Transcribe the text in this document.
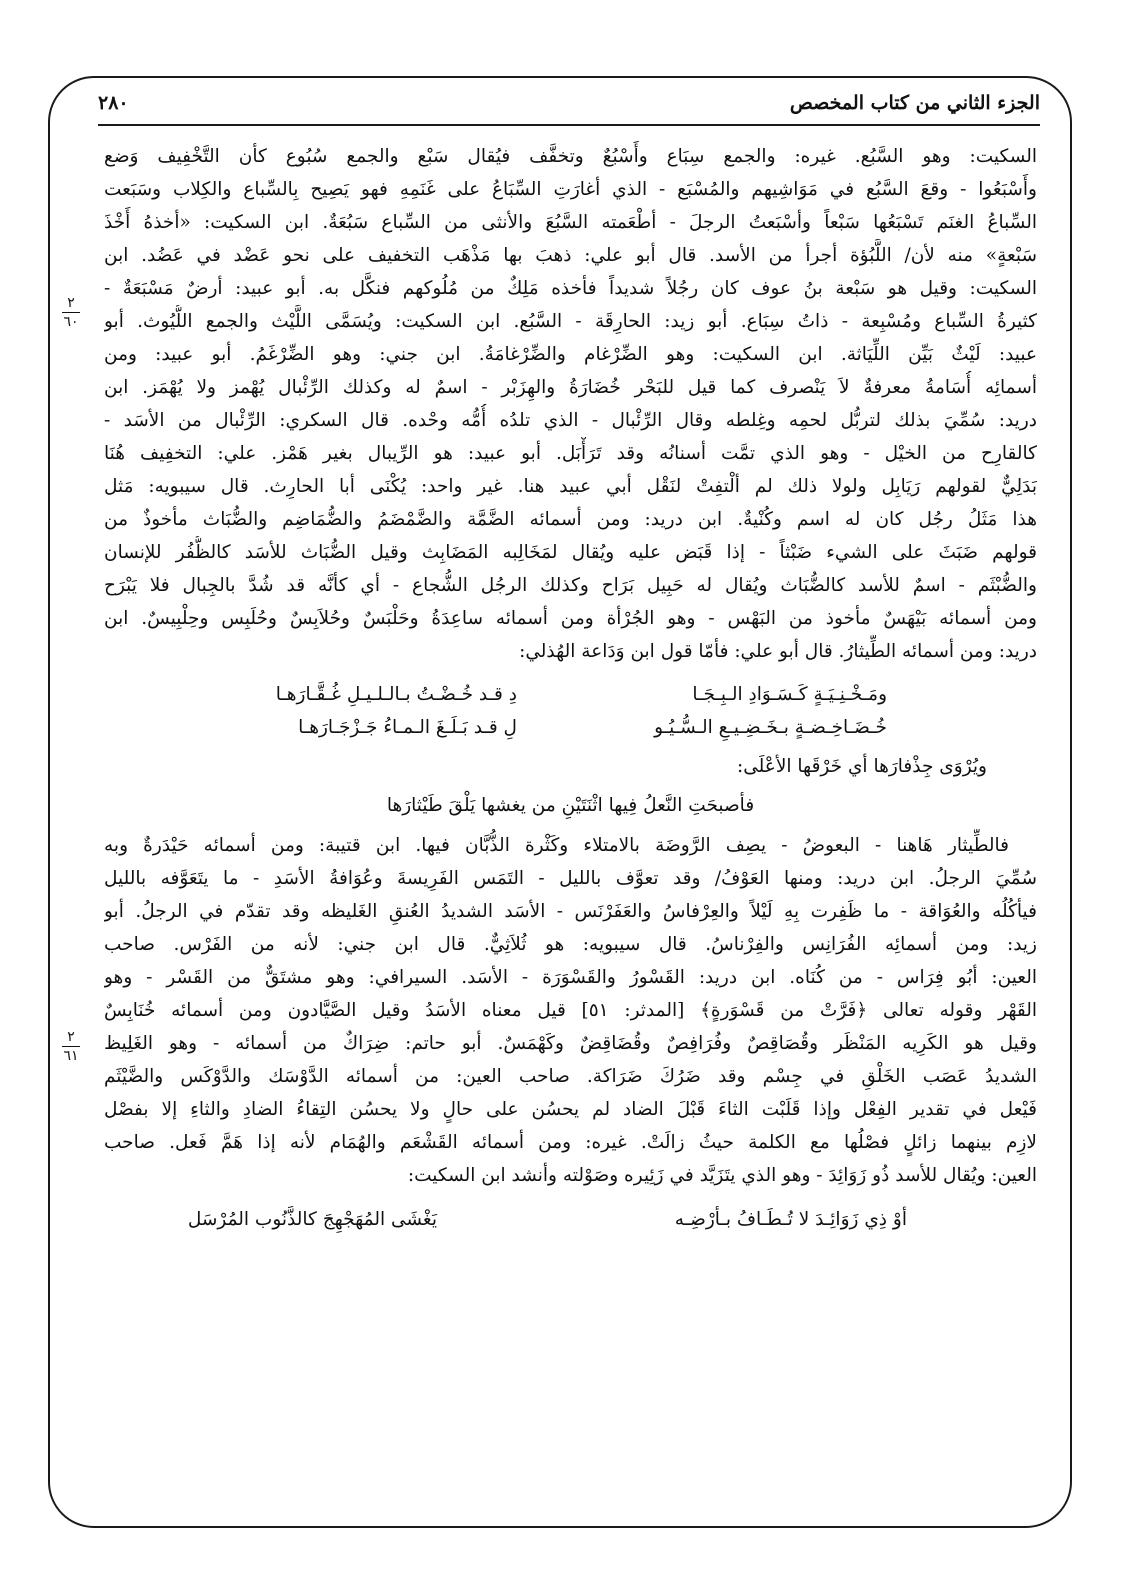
الجزء الثاني من كتاب المخصص
٢٨٠
٢
٦٠
٢
٦١
السكيت: وهو السَّبُع. غيره: والجمع سِبَاع وأَسْبُعٌ وتخفَّف فيُقال سَبْع والجمع سُبُوع كأن التَّخْفِيف وَضع
وأَسْبَعُوا - وقعَ السَّبُع في مَوَاشِيهم والمُسْبَع - الذي أغارَتِ السِّبَاعُ على غَنَمِهِ فهو يَصِيح بِالسِّباع والكِلاب وسَبَعت
السِّباعُ الغنَم تَسْبَعُها سَبْعاً وأسْبَعتُ الرجلَ - أطْعَمته السَّبُعَ والأنثى من السِّباع سَبُعَةٌ. ابن السكيت: «أخذهُ أَخْذَ
سَبْعةٍ» منه لأن/ اللَّبُؤة أجرأ من الأسد. قال أبو علي: ذهبَ بها مَذْهَب التخفيف على نحو عَضْد في عَضُد. ابن
السكيت: وقيل هو سَبْعة بنُ عوف كان رجُلاً شديداً فأخذه مَلِكٌ من مُلُوكهم فنكَّل به. أبو عبيد: أرضٌ مَسْبَعَةٌ -
كثيرةُ السِّباع ومُسْبِعة - ذاتُ سِبَاع. أبو زيد: الحارِقَة - السَّبُع. ابن السكيت: ويُسَمَّى اللَّيْث والجمع اللُّيُوث. أبو
عبيد: لَيْثٌ بَيِّن اللِّيَاثة. ابن السكيت: وهو الضِّرْغام والضِّرْغامَةُ. ابن جني: وهو الضِّرْغَمُ. أبو عبيد: ومن
أسمائِه أُسَامةُ معرفةٌ لاَ يَنْصرف كما قيل للبَحْر خُضَارَةُ والهِزَبْر - اسمٌ له وكذلك الرِّئْبال يُهْمز ولا يُهْمَز. ابن
دريد: سُمِّيَ بذلك لتربُّل لحمِه وغِلطه وقال الرِّئْبال - الذي تلدُه أُمُّه وحْده. قال السكري: الرِّئْبال من الأسَد -
كالقارِح من الخيْل - وهو الذي تمَّت أسنانُه وقد تَرَأْبَل. أبو عبيد: هو الرِّيبال بغير هَمْز. علي: التخفِيف هُنَا
بَدَلِيٌّ لقولهم رَيَابِل ولولا ذلك لم ألْتفِتْ لنَقْل أبي عبيد هنا. غير واحد: يُكْنَى أبا الحارِث. قال سيبويه: مَثل
هذا مَثَلُ رجُل كان له اسم وكُنْيةٌ. ابن دريد: ومن أسمائه الضَّمَّة والضَّمْضَمُ والضُّمَاضِم والضُّبَاث مأخوذٌ من
قولهم ضَبَثَ على الشيء ضَبْثاً - إذا قَبَض عليه ويُقال لمَخَالِبه المَضَابِث وقيل الضُّبَاث للأسَد كالظُّفُر للإنسان
والضُّبْثَم - اسمٌ للأسد كالضُّبَاث ويُقال له حَبِيل بَرَاح وكذلك الرجُل الشُّجاع - أي كأنَّه قد شُدَّ بالجِبال فلا يَبْرَح
ومن أسمائه بَيْهَسٌ مأخوذ من البَهْس - وهو الجُرْأة ومن أسمائه ساعِدَةُ وحَلْبَسٌ وحُلاَبِسٌ وحُلَبِس وحِلْبِيسٌ. ابن
دريد: ومن أسمائه الطِّيثارُ. قال أبو علي: فأمّا قول ابن وَدَاعة الهُذلي:
ومَـخْـنِـيَـةٍ كَـسَـوَادِ الـبِـجَـا
دِ قـد خُـضْـتُ بـالـلـيـلِ غُـقَّـارَهـا
خُـضَـاخِـضـةٍ بـخَـضِـيـعِ الـسُّـيُـو
لِ قـد بَـلَـغَ الـمـاءُ جَـزْجَـارَهـا
ويُرْوَى جِذْفارَها أي خَرْقَها الأعْلَى:
فأصبحَتِ النَّعلُ فِيها اثْنَتَيْنِ من يغشها يَلْقَ طَيْثارَها
فالطِّيثار هَاهنا - البعوضُ - يصِف الرَّوضَة بالامتلاء وكَثْرة الذُّبَّان فيها. ابن قتيبة: ومن أسمائه حَيْدَرةٌ وبه
سُمِّيَ الرجلُ. ابن دريد: ومنها العَوْفُ/ وقد تعوَّف بالليل - التَمَس الفَرِيسةَ وعُوَافةُ الأسَدِ - ما يتَعَوَّفه بالليل
فيأكُلُه والعُوَاقة - ما ظَفِرت بِهِ لَيْلاً والعِرْفاسُ والعَفَرْنَس - الأسَد الشديدُ العُنقِ الغَليظه وقد تقدّم في الرجلُ. أبو
زيد: ومن أسمائِه الفُرَانِس والفِرْناسُ. قال سيبويه: هو ثُلاَثِيٌّ. قال ابن جني: لأنه من الفَرْس. صاحب
العين: أبُو فِرَاس - من كُنَاه. ابن دريد: القَسْورُ والقَسْوَرَة - الأسَد. السيرافي: وهو مشتَقٌّ من القَسْر - وهو
القَهْر وقوله تعالى ﴿فَرَّتْ من قَسْوَرةٍ﴾ [المدثر: ٥١] قيل معناه الأسَدُ وقيل الصَّيَّادون ومن أسمائه خُنَابِسٌ
وقيل هو الكَرِيه المَنْظَر وقُصَاقِصٌ وفُرَافِصٌ وقُضَاقِضٌ وكَهْمَسٌ. أبو حاتم: ضِرَاكٌ من أسمائه - وهو الغَلِيظ
الشديدُ عَصَب الخَلْقِ في جِسْم وقد ضَرُكَ ضَرَاكة. صاحب العين: من أسمائه الدَّوْسَك والدَّوْكَس والضَّيْثَم
فَيْعل في تقدير الفِعْل وإذا قَلَبْت الثاءَ قَبْلَ الضاد لم يحسُن على حالٍ ولا يحسُن التِقاءُ الضادِ والثاءِ إلا بفصْل
لازِم بينهما زائلٍ فصْلُها مع الكلمة حيثُ زالَتْ. غيره: ومن أسمائه القَشْعَم والهُمَام لأنه إذا هَمَّ فَعل. صاحب
العين: ويُقال للأسد ذُو زَوَائِدَ - وهو الذي يتَزَيَّد في زَئِيره وصَوْلته وأنشد ابن السكيت:
أوْ ذِي زَوَائِـدَ لا تُـطَـافُ بـأرْضِـه
يَغْشَى المُهَجْهِجَ كالذَّنُوب المُرْسَل
